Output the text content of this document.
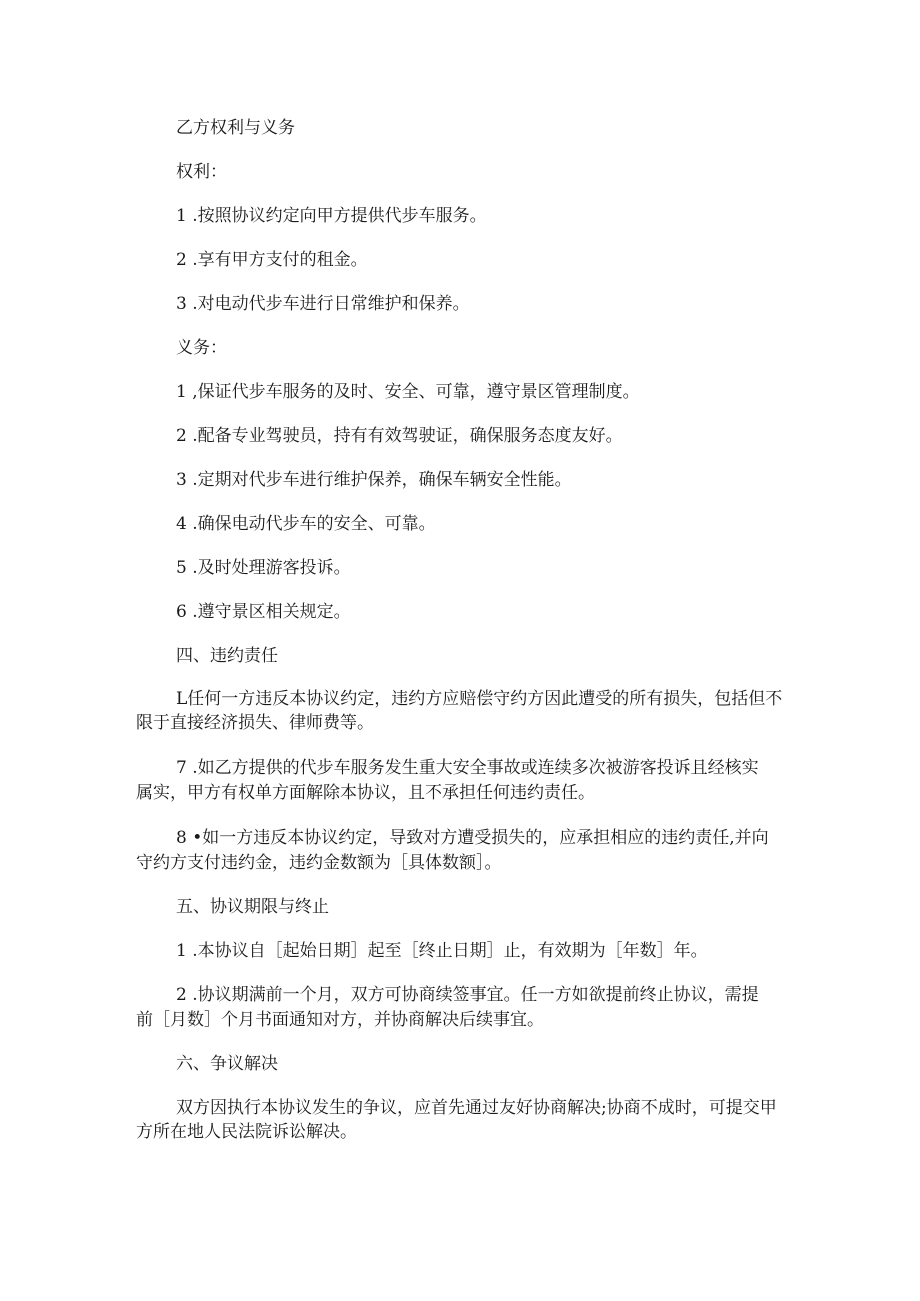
乙方权利与义务
权利：
1 .按照协议约定向甲方提供代步车服务。
2 .享有甲方支付的租金。
3 .对电动代步车进行日常维护和保养。
义务：
1 ,保证代步车服务的及时、安全、可靠，遵守景区管理制度。
2 .配备专业驾驶员，持有有效驾驶证，确保服务态度友好。
3 .定期对代步车进行维护保养，确保车辆安全性能。
4 .确保电动代步车的安全、可靠。
5 .及时处理游客投诉。
6 .遵守景区相关规定。
四、违约责任
L任何一方违反本协议约定，违约方应赔偿守约方因此遭受的所有损失，包括但不
限于直接经济损失、律师费等。
7 .如乙方提供的代步车服务发生重大安全事故或连续多次被游客投诉且经核实
属实，甲方有权单方面解除本协议，且不承担任何违约责任。
8 •如一方违反本协议约定，导致对方遭受损失的，应承担相应的违约责任,并向
守约方支付违约金，违约金数额为［具体数额］。
五、协议期限与终止
1 .本协议自［起始日期］起至［终止日期］止，有效期为［年数］年。
2 .协议期满前一个月，双方可协商续签事宜。任一方如欲提前终止协议，需提
前［月数］个月书面通知对方，并协商解决后续事宜。
六、争议解决
双方因执行本协议发生的争议，应首先通过友好协商解决;协商不成时，可提交甲
方所在地人民法院诉讼解决。
